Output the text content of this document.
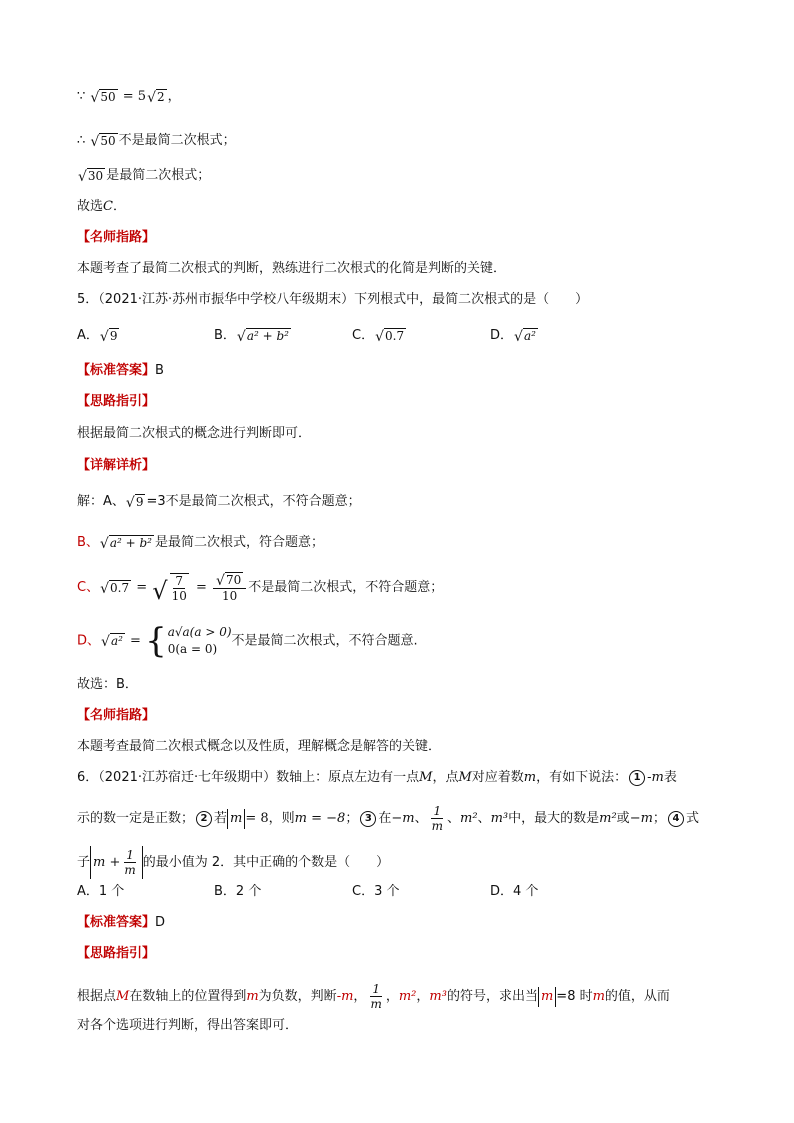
∵ √ 50 = 5 √ 2 ，
∴ √ 50 不是最简二次根式；
√ 30 是最简二次根式；
故选C．
【名师指路】
本题考查了最简二次根式的判断，熟练进行二次根式的化简是判断的关键．
5．（2021·江苏·苏州市振华中学校八年级期末）下列根式中，最简二次根式的是（　　）
A． √ 9	B． √ a² + b²	C． √ 0.7	D． √ a²
【标准答案】B
【思路指引】
根据最简二次根式的概念进行判断即可．
【详解详析】
解：A、 √ 9 =3不是最简二次根式，不符合题意；
B、 √ a² + b² 是最简二次根式，符合题意；
C、 √ 0.7 = √ $\frac{7}{10} = \frac{√ 70}{10}$ 不是最简二次根式，不符合题意；
D、 √ a² = { a√a(a > 0)
0(a = 0)
不是最简二次根式，不符合题意.
故选：B．
【名师指路】
本题考查最简二次根式概念以及性质，理解概念是解答的关键．
6．（2021·江苏宿迁·七年级期中）数轴上：原点左边有一点M，点M对应着数m，有如下说法： 1 -m表
示的数一定是正数； 2 若 m = 8，则m = −8； 3 在−m、 $\frac{1}{m}$ 、m²、m³中，最大的数是m²或−m； 4 式
子 $m + \frac{1}{m}$ 的最小值为 2．其中正确的个数是（　　）
A．1 个	B．2 个	C．3 个	D．4 个
【标准答案】D
【思路指引】
根据点M在数轴上的位置得到m为负数，判断-m， $\frac{1}{m}$ ，m²，m³的符号，求出当 m =8 时m的值，从而
对各个选项进行判断，得出答案即可．
